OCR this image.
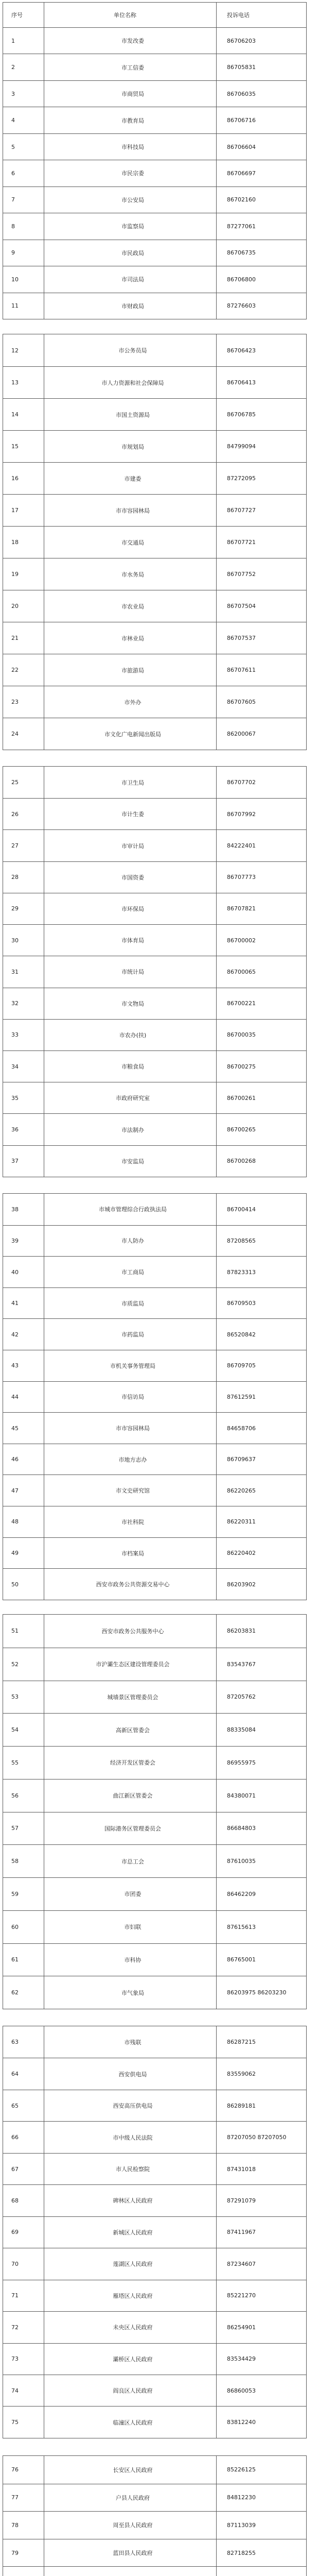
序号	单位名称	投诉电话
1	市发改委	86706203
2	市工信委	86705831
3	市商贸局	86706035
4	市教育局	86706716
5	市科技局	86706604
6	市民宗委	86706697
7	市公安局	86702160
8	市监察局	87277061
9	市民政局	86706735
10	市司法局	86706800
11	市财政局	87276603
12	市公务员局	86706423
13	市人力资源和社会保障局	86706413
14	市国土资源局	86706785
15	市规划局	84799094
16	市建委	87272095
17	市市容园林局	86707727
18	市交通局	86707721
19	市水务局	86707752
20	市农业局	86707504
21	市林业局	86707537
22	市旅游局	86707611
23	市外办	86707605
24	市文化广电新闻出版局	86200067
25	市卫生局	86707702
26	市计生委	86707992
27	市审计局	84222401
28	市国资委	86707773
29	市环保局	86707821
30	市体育局	86700002
31	市统计局	86700065
32	市文物局	86700221
33	市农办(扶)	86700035
34	市粮食局	86700275
35	市政府研究室	86700261
36	市法制办	86700265
37	市安监局	86700268
38	市城市管理综合行政执法局	86700414
39	市人防办	87208565
40	市工商局	87823313
41	市质监局	86709503
42	市药监局	86520842
43	市机关事务管理局	86709705
44	市信访局	87612591
45	市市容园林局	84658706
46	市地方志办	86709637
47	市文史研究馆	86220265
48	市社科院	86220311
49	市档案局	86220402
50	西安市政务公共资源交易中心	86203902
51	西安市政务公共服务中心	86203831
52	市沪灞生态区建设管理委员会	83543767
53	城墙景区管理委员会	87205762
54	高新区管委会	88335084
55	经济开发区管委会	86955975
56	曲江新区管委会	84380071
57	国际港务区管理委员会	86684803
58	市总工会	87610035
59	市团委	86462209
60	市妇联	87615613
61	市科协	86765001
62	市气象局	86203975 86203230
63	市残联	86287215
64	西安供电局	83559062
65	西安高压供电局	86289181
66	市中级人民法院	87207050 87207050
67	市人民检察院	87431018
68	碑林区人民政府	87291079
69	新城区人民政府	87411967
70	莲湖区人民政府	87234607
71	雁塔区人民政府	85221270
72	未央区人民政府	86254901
73	灞桥区人民政府	83534429
74	阎良区人民政府	86860053
75	临潼区人民政府	83812240
76	长安区人民政府	85226125
77	户县人民政府	84812230
78	周至县人民政府	87113039
79	蓝田县人民政府	82718255
